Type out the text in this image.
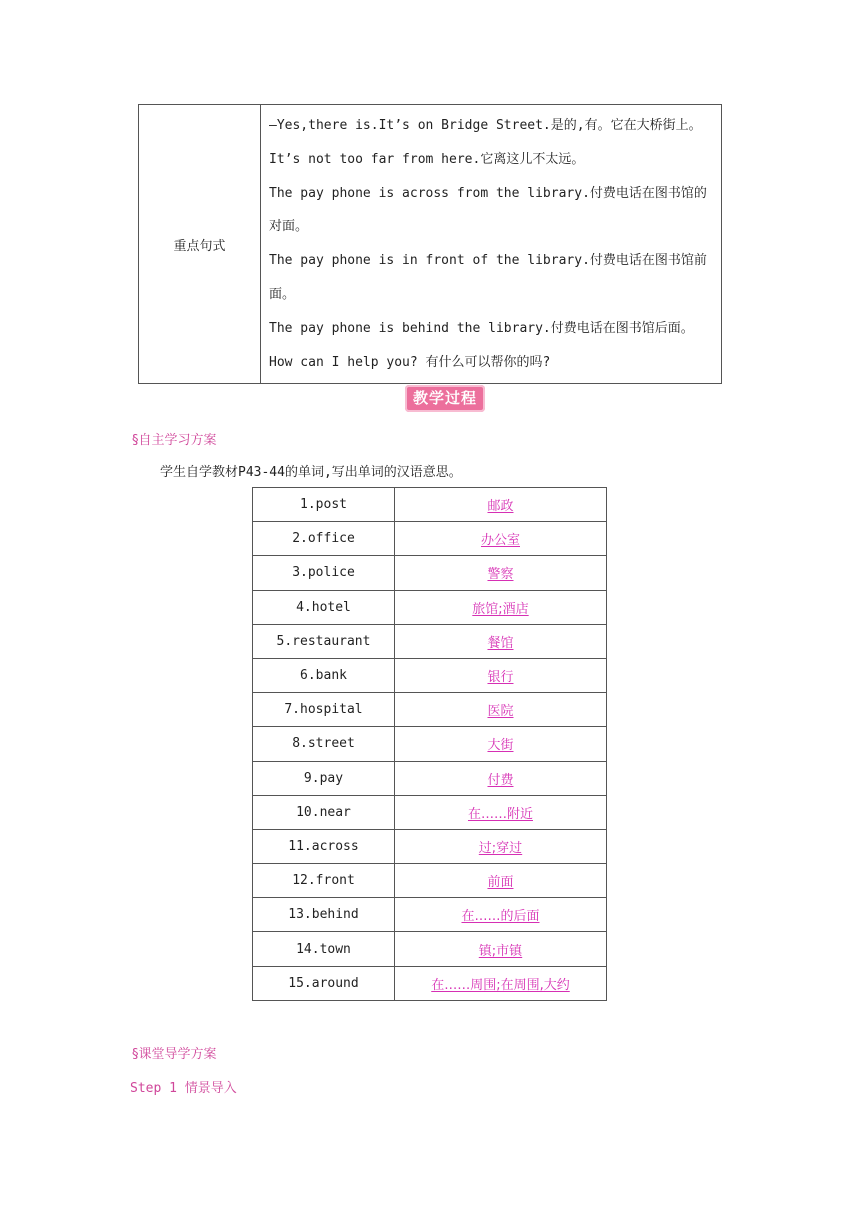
重点句式	
—Yes,there is.It’s on Bridge Street.是的,有。它在大桥街上。
It’s not too far from here.它离这儿不太远。
The pay phone is across from the library.付费电话在图书馆的
对面。
The pay phone is in front of the library.付费电话在图书馆前
面。
The pay phone is behind the library.付费电话在图书馆后面。
How can I help you? 有什么可以帮你的吗?
教学过程
§自主学习方案
学生自学教材P43-44的单词,写出单词的汉语意思。
1.post	邮政
2.office	办公室
3.police	警察
4.hotel	旅馆;酒店
5.restaurant	餐馆
6.bank	银行
7.hospital	医院
8.street	大街
9.pay	付费
10.near	在……附近
11.across	过;穿过
12.front	前面
13.behind	在……的后面
14.town	镇;市镇
15.around	在……周围;在周围,大约
§课堂导学方案
Step 1 情景导入
